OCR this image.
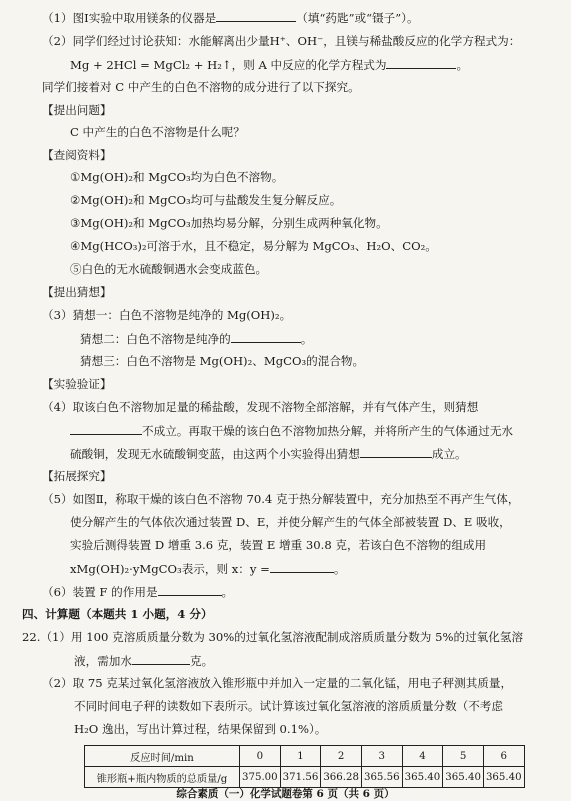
（1）图Ⅰ实验中取用镁条的仪器是	（填“药匙”或“镊子”）。
（2）同学们经过讨论获知：水能解离出少量H⁺、OH⁻，且镁与稀盐酸反应的化学方程式为：
Mg + 2HCl = MgCl₂ + H₂↑，则 A 中反应的化学方程式为	。
同学们接着对 C 中产生的白色不溶物的成分进行了以下探究。
【提出问题】
C 中产生的白色不溶物是什么呢？
【查阅资料】
①Mg(OH)₂和 MgCO₃均为白色不溶物。
②Mg(OH)₂和 MgCO₃均可与盐酸发生复分解反应。
③Mg(OH)₂和 MgCO₃加热均易分解，分别生成两种氧化物。
④Mg(HCO₃)₂可溶于水，且不稳定，易分解为 MgCO₃、H₂O、CO₂。
⑤白色的无水硫酸铜遇水会变成蓝色。
【提出猜想】
（3）猜想一：白色不溶物是纯净的 Mg(OH)₂。
猜想二：白色不溶物是纯净的	。
猜想三：白色不溶物是 Mg(OH)₂、MgCO₃的混合物。
【实验验证】
（4）取该白色不溶物加足量的稀盐酸，发现不溶物全部溶解，并有气体产生，则猜想
不成立。再取干燥的该白色不溶物加热分解，并将所产生的气体通过无水
硫酸铜，发现无水硫酸铜变蓝，由这两个小实验得出猜想	成立。
【拓展探究】
（5）如图Ⅱ，称取干燥的该白色不溶物 70.4 克于热分解装置中，充分加热至不再产生气体，
使分解产生的气体依次通过装置 D、E，并使分解产生的气体全部被装置 D、E 吸收，
实验后测得装置 D 增重 3.6 克，装置 E 增重 30.8 克，若该白色不溶物的组成用
xMg(OH)₂·yMgCO₃表示，则 x：y =	。
（6）装置 F 的作用是	。
四、计算题（本题共 1 小题，4 分）
22.（1）用 100 克溶质质量分数为 30%的过氧化氢溶液配制成溶质质量分数为 5%的过氧化氢溶
液，需加水	克。
（2）取 75 克某过氧化氢溶液放入锥形瓶中并加入一定量的二氧化锰，用电子秤测其质量，
不同时间电子秤的读数如下表所示。试计算该过氧化氢溶液的溶质质量分数（不考虑
反应时间/min	0	1	2	3	4	5	6
锥形瓶+瓶内物质的总质量/g	375.00	371.56	366.28	365.56	365.40	365.40	365.40
H₂O 逸出，写出计算过程，结果保留到 0.1%）。
综合素质（一）化学试题卷第 6 页（共 6 页）
